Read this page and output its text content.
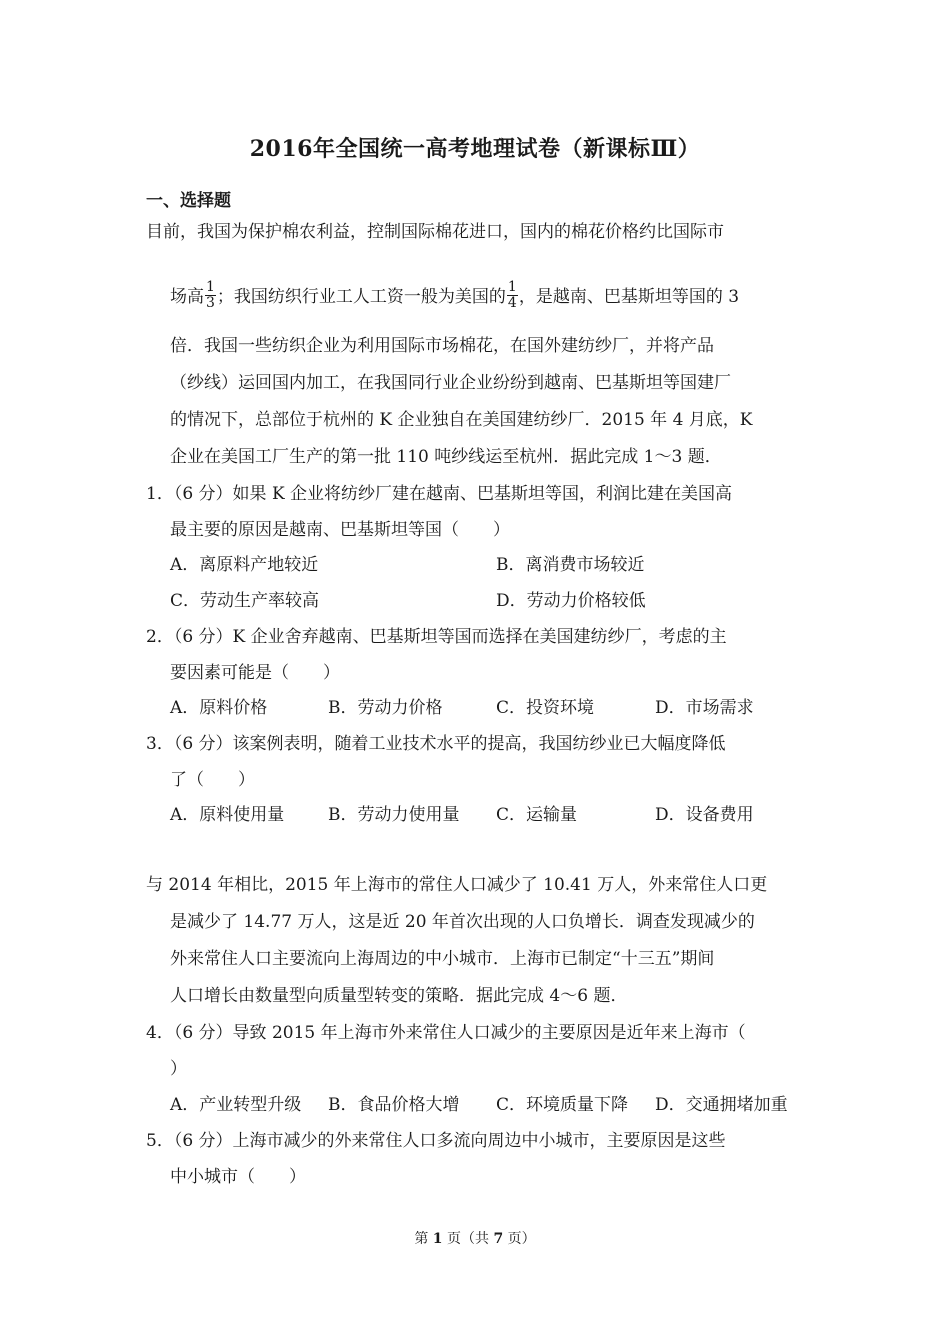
2016年全国统一高考地理试卷（新课标Ⅲ）
一、选择题
目前，我国为保护棉农利益，控制国际棉花进口，国内的棉花价格约比国际市
场高 $\frac{1}{3}$ ；我国纺织行业工人工资一般为美国的 $\frac{1}{4}$ ，是越南、巴基斯坦等国的 3
倍．我国一些纺织企业为利用国际市场棉花，在国外建纺纱厂，并将产品
（纱线）运回国内加工，在我国同行业企业纷纷到越南、巴基斯坦等国建厂
的情况下，总部位于杭州的 K 企业独自在美国建纺纱厂．2015 年 4 月底，K
企业在美国工厂生产的第一批 110 吨纱线运至杭州．据此完成 1～3 题．
1．（6 分）如果 K 企业将纺纱厂建在越南、巴基斯坦等国，利润比建在美国高
最主要的原因是越南、巴基斯坦等国（　　）
A．离原料产地较近	B．离消费市场较近
C．劳动生产率较高	D．劳动力价格较低
2．（6 分）K 企业舍弃越南、巴基斯坦等国而选择在美国建纺纱厂，考虑的主
要因素可能是（　　）
A．原料价格	B．劳动力价格	C．投资环境	D．市场需求
3．（6 分）该案例表明，随着工业技术水平的提高，我国纺纱业已大幅度降低
了（　　）
A．原料使用量	B．劳动力使用量 C．运输量	D．设备费用
与 2014 年相比，2015 年上海市的常住人口减少了 10.41 万人，外来常住人口更
是减少了 14.77 万人，这是近 20 年首次出现的人口负增长．调查发现减少的
外来常住人口主要流向上海周边的中小城市．上海市已制定“十三五”期间
人口增长由数量型向质量型转变的策略．据此完成 4～6 题．
4．（6 分）导致 2015 年上海市外来常住人口减少的主要原因是近年来上海市（
）
A．产业转型升级 B．食品价格大增 C．环境质量下降 D．交通拥堵加重
5．（6 分）上海市减少的外来常住人口多流向周边中小城市，主要原因是这些
中小城市（　　）
第 1 页（共 7 页）
